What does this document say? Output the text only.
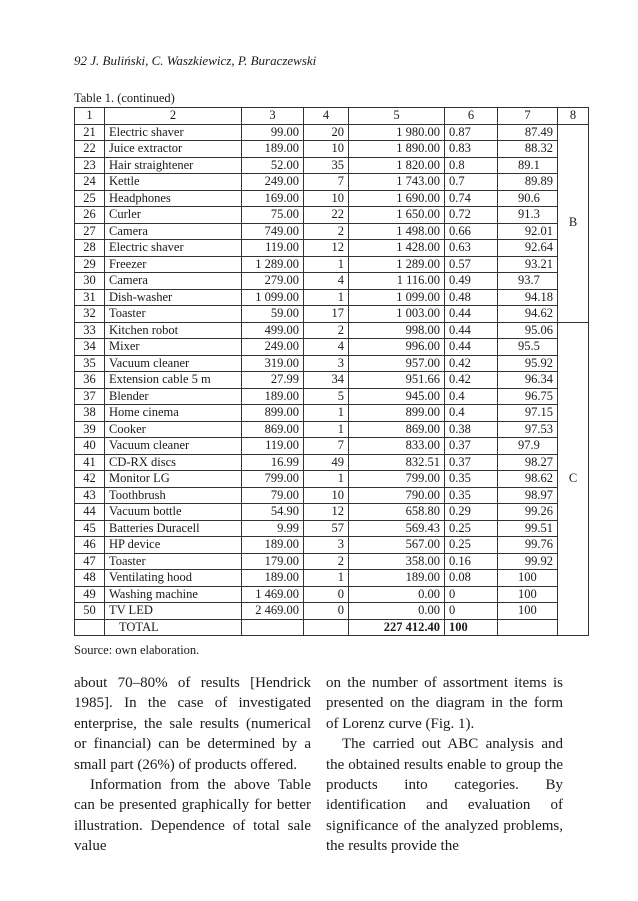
92 J. Buliński, C. Waszkiewicz, P. Buraczewski
Table 1. (continued)
1	2	3	4	5	6	7	8
21	Electric shaver	99.00	20	1 980.00	0.87	87.49	B
22	Juice extractor	189.00	10	1 890.00	0.83	88.32	
23	Hair straightener	52.00	35	1 820.00	0.8	89.1	
24	Kettle	249.00	7	1 743.00	0.7	89.89	
25	Headphones	169.00	10	1 690.00	0.74	90.6	
26	Curler	75.00	22	1 650.00	0.72	91.3	
27	Camera	749.00	2	1 498.00	0.66	92.01	
28	Electric shaver	119.00	12	1 428.00	0.63	92.64	
29	Freezer	1 289.00	1	1 289.00	0.57	93.21	
30	Camera	279.00	4	1 116.00	0.49	93.7	
31	Dish-washer	1 099.00	1	1 099.00	0.48	94.18	
32	Toaster	59.00	17	1 003.00	0.44	94.62	
33	Kitchen robot	499.00	2	998.00	0.44	95.06	C
34	Mixer	249.00	4	996.00	0.44	95.5	
35	Vacuum cleaner	319.00	3	957.00	0.42	95.92	
36	Extension cable 5 m	27.99	34	951.66	0.42	96.34	
37	Blender	189.00	5	945.00	0.4	96.75	
38	Home cinema	899.00	1	899.00	0.4	97.15	
39	Cooker	869.00	1	869.00	0.38	97.53	
40	Vacuum cleaner	119.00	7	833.00	0.37	97.9	
41	CD-RX discs	16.99	49	832.51	0.37	98.27	
42	Monitor LG	799.00	1	799.00	0.35	98.62	
43	Toothbrush	79.00	10	790.00	0.35	98.97	
44	Vacuum bottle	54.90	12	658.80	0.29	99.26	
45	Batteries Duracell	9.99	57	569.43	0.25	99.51	
46	HP device	189.00	3	567.00	0.25	99.76	
47	Toaster	179.00	2	358.00	0.16	99.92	
48	Ventilating hood	189.00	1	189.00	0.08	100	
49	Washing machine	1 469.00	0	0.00	0	100	
50	TV LED	2 469.00	0	0.00	0	100	
	TOTAL			227 412.40	100		
Source: own elaboration.

about 70–80% of results [Hendrick 1985]. In the case of investigated enterprise, the sale results (numerical or financial) can be determined by a small part (26%) of products offered.

Information from the above Table can be presented graphically for better illustration. Dependence of total sale value

on the number of assortment items is presented on the diagram in the form of Lorenz curve (Fig. 1).

The carried out ABC analysis and the obtained results enable to group the products into categories. By identification and evaluation of significance of the analyzed problems, the results provide the
